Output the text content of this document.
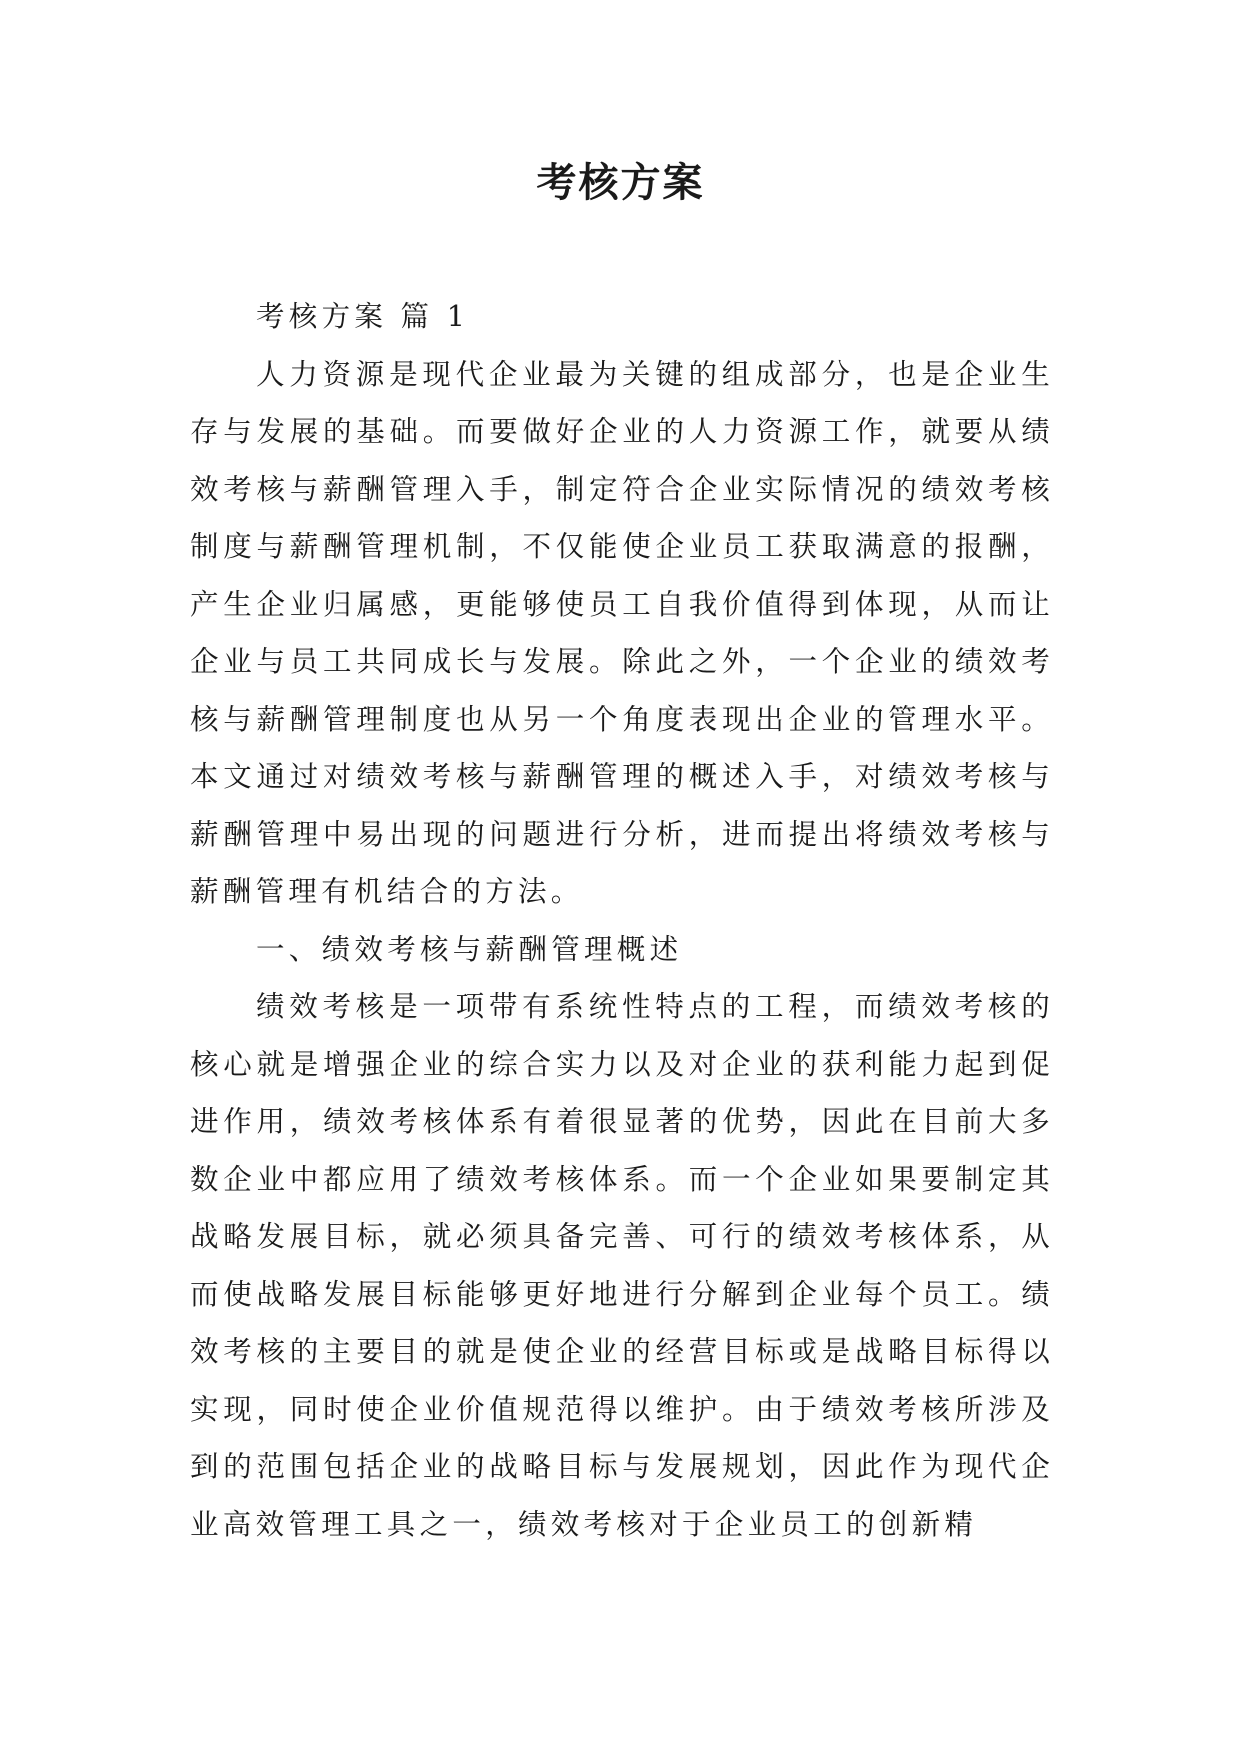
考核方案

考核方案 篇 1

人力资源是现代企业最为关键的组成部分，也是企业生存与发展的基础。而要做好企业的人力资源工作，就要从绩效考核与薪酬管理入手，制定符合企业实际情况的绩效考核制度与薪酬管理机制，不仅能使企业员工获取满意的报酬，产生企业归属感，更能够使员工自我价值得到体现，从而让企业与员工共同成长与发展。除此之外，一个企业的绩效考核与薪酬管理制度也从另一个角度表现出企业的管理水平。本文通过对绩效考核与薪酬管理的概述入手，对绩效考核与薪酬管理中易出现的问题进行分析，进而提出将绩效考核与薪酬管理有机结合的方法。

一、绩效考核与薪酬管理概述

绩效考核是一项带有系统性特点的工程，而绩效考核的核心就是增强企业的综合实力以及对企业的获利能力起到促进作用，绩效考核体系有着很显著的优势，因此在目前大多数企业中都应用了绩效考核体系。而一个企业如果要制定其战略发展目标，就必须具备完善、可行的绩效考核体系，从而使战略发展目标能够更好地进行分解到企业每个员工。绩效考核的主要目的就是使企业的经营目标或是战略目标得以实现，同时使企业价值规范得以维护。由于绩效考核所涉及到的范围包括企业的战略目标与发展规划，因此作为现代企业高效管理工具之一，绩效考核对于企业员工的创新精
